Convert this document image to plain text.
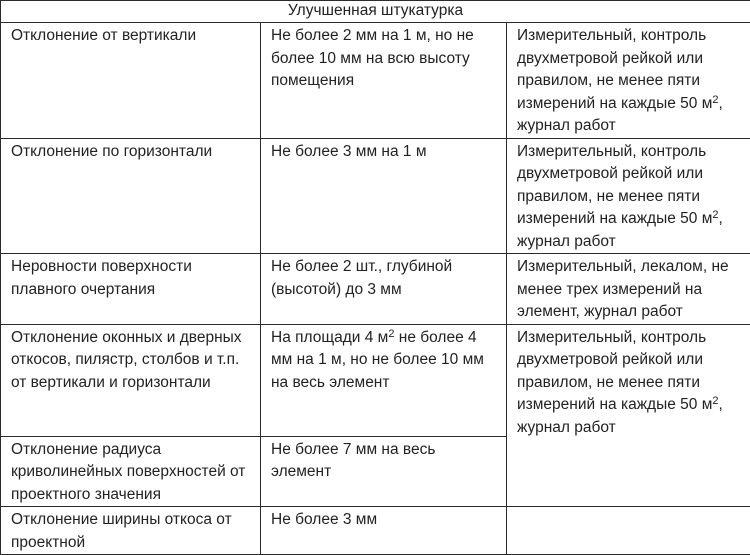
Улучшенная штукатурка		
Отклонение от вертикали	Не более 2 мм на 1 м, но не более 10 мм на всю высоту помещения	Измерительный, контроль двухметровой рейкой или правилом, не менее пяти измерений на каждые 50 $м^2$, журнал работ
Отклонение по горизонтали	Не более 3 мм на 1 м	Измерительный, контроль двухметровой рейкой или правилом, не менее пяти измерений на каждые 50 $м^2$, журнал работ
Неровности поверхности плавного очертания	Не более 2 шт., глубиной (высотой) до 3 мм	Измерительный, лекалом, не менее трех измерений на элемент, журнал работ
Отклонение оконных и дверных откосов, пилястр, столбов и т.п. от вертикали и горизонтали	На площади 4 $м^2$ не более 4 мм на 1 м, но не более 10 мм на весь элемент	Измерительный, контроль двухметровой рейкой или правилом, не менее пяти измерений на каждые 50 $м^2$, журнал работ
Отклонение радиуса криволинейных поверхностей от проектного значения	Не более 7 мм на весь элемент	
Отклонение ширины откоса от проектной	Не более 3 мм	
